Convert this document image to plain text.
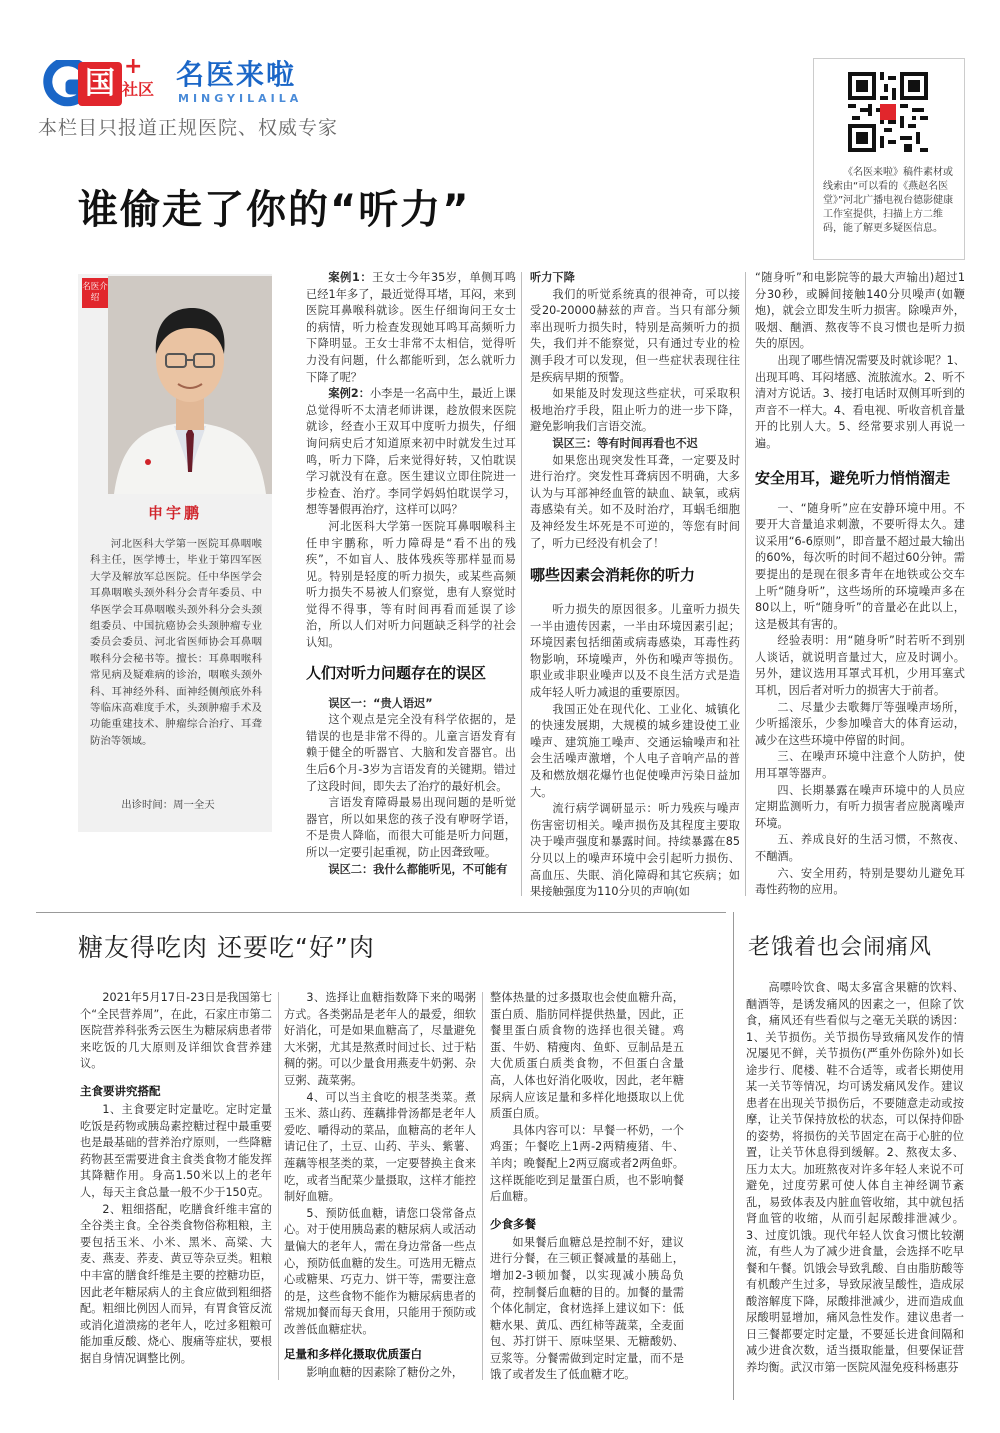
国 +
社区 名医来啦
MINGYILAILA
本栏目只报道正规医院、权威专家
《名医来啦》稿件素材或线索由“可以看的《燕赵名医堂》”河北广播电视台德影健康工作室提供，扫描上方二维码，能了解更多疑医信息。
谁偷走了你的“听力”
名医介绍
申宇鹏
河北医科大学第一医院耳鼻咽喉科主任，医学博士，毕业于第四军医大学及解放军总医院。任中华医学会耳鼻咽喉头颈外科分会青年委员、中华医学会耳鼻咽喉头颈外科分会头颈组委员、中国抗癌协会头颈肿瘤专业委员会委员、河北省医师协会耳鼻咽喉科分会秘书等。擅长：耳鼻咽喉科常见病及疑难病的诊治，咽喉头颈外科、耳神经外科、面神经侧颅底外科等临床高难度手术，头颈肿瘤手术及功能重建技术、肿瘤综合治疗、耳聋防治等领域。
出诊时间：周一全天

案例1：王女士今年35岁，单侧耳鸣已经1年多了，最近觉得耳堵，耳闷，来到医院耳鼻喉科就诊。医生仔细询问王女士的病情，听力检查发现她耳鸣耳高频听力下降明显。王女士非常不太相信，觉得听力没有问题，什么都能听到，怎么就听力下降了呢？

案例2：小李是一名高中生，最近上课总觉得听不太清老师讲课，趁放假来医院就诊，经查小王双耳中度听力损失，仔细询问病史后才知道原来初中时就发生过耳鸣，听力下降，后来觉得好转，又怕耽误学习就没有在意。医生建议立即住院进一步检查、治疗。李同学妈妈怕耽误学习，想等暑假再治疗，这样可以吗？

河北医科大学第一医院耳鼻咽喉科主任申宇鹏称，听力障碍是“看不出的残疾”，不如盲人、肢体残疾等那样显而易见。特别是轻度的听力损失，或某些高频听力损失不易被人们察觉，患有人察觉时觉得不得事，等有时间再看而延误了诊治，所以人们对听力问题缺乏科学的社会认知。

人们对听力问题存在的误区

误区一：“贵人语迟”

这个观点是完全没有科学依据的，是错误的也是非常不得的。儿童言语发育有赖于健全的听器官、大脑和发音器官。出生后6个月-3岁为言语发育的关键期。错过了这段时间，即失去了治疗的最好机会。

言语发育障碍最易出现问题的是听觉器官，所以如果您的孩子没有咿呀学语，不是贵人降临，而很大可能是听力问题，所以一定要引起重视，防止因聋致哑。

误区二：我什么都能听见，不可能有

听力下降

我们的听觉系统真的很神奇，可以接受20-20000赫兹的声音。当只有部分频率出现听力损失时，特别是高频听力的损失，我们并不能察觉，只有通过专业的检测手段才可以发现，但一些症状表现往往是疾病早期的预警。

如果能及时发现这些症状，可采取积极地治疗手段，阻止听力的进一步下降，避免影响我们言语交流。

误区三：等有时间再看也不迟

如果您出现突发性耳聋，一定要及时进行治疗。突发性耳聋病因不明确，大多认为与耳部神经血管的缺血、缺氧，或病毒感染有关。如不及时治疗，耳蜗毛细胞及神经发生坏死是不可逆的，等您有时间了，听力已经没有机会了！

哪些因素会消耗你的听力

听力损失的原因很多。儿童听力损失一半由遗传因素，一半由环境因素引起；环境因素包括细菌或病毒感染，耳毒性药物影响，环境噪声，外伤和噪声等损伤。职业或非职业噪声以及不良生活方式是造成年轻人听力减退的重要原因。

我国正处在现代化、工业化、城镇化的快速发展期，大规模的城乡建设使工业噪声、建筑施工噪声、交通运输噪声和社会生活噪声激增，个人电子音响产品的普及和燃放烟花爆竹也促使噪声污染日益加大。

流行病学调研显示：听力残疾与噪声伤害密切相关。噪声损伤及其程度主要取决于噪声强度和暴露时间。持续暴露在85分贝以上的噪声环境中会引起听力损伤、高血压、失眠、消化障碍和其它疾病；如果接触强度为110分贝的声响(如

“随身听”和电影院等的最大声输出)超过1分30秒，或瞬间接触140分贝噪声(如鞭炮)，就会立即发生听力损害。除噪声外，吸烟、酗酒、熬夜等不良习惯也是听力损失的原因。

出现了哪些情况需要及时就诊呢？1、出现耳鸣、耳闷堵感、流脓流水。2、听不清对方说话。3、接打电话时双侧耳听到的声音不一样大。4、看电视、听收音机音量开的比别人大。5、经常要求别人再说一遍。

安全用耳，避免听力悄悄溜走

一、“随身听”应在安静环境中用。不要开大音量追求刺激，不要听得太久。建议采用“6-6原则”，即音量不超过最大输出的60%，每次听的时间不超过60分钟。需要提出的是现在很多青年在地铁或公交车上听“随身听”，这些场所的环境噪声多在80以上，听“随身听”的音量必在此以上，这是极其有害的。

经验表明：用“随身听”时若听不到别人谈话，就说明音量过大，应及时调小。另外，建议选用耳罩式耳机，少用耳塞式耳机，因后者对听力的损害大于前者。

二、尽量少去歌舞厅等强噪声场所，少听摇滚乐，少参加噪音大的体育运动，减少在这些环境中停留的时间。

三、在噪声环境中注意个人防护，使用耳罩等器声。

四、长期暴露在噪声环境中的人员应定期监测听力，有听力损害者应脱离噪声环境。

五、养成良好的生活习惯，不熬夜、不酗酒。

六、安全用药，特别是婴幼儿避免耳毒性药物的应用。

糖友得吃肉 还要吃“好”肉

2021年5月17日-23日是我国第七个“全民营养周”，在此，石家庄市第二医院营养科张秀云医生为糖尿病患者带来吃饭的几大原则及详细饮食营养建议。

主食要讲究搭配

1、主食要定时定量吃。定时定量吃饭是药物或胰岛素控糖过程中最重要也是最基础的营养治疗原则，一些降糖药物甚至需要进食主食类食物才能发挥其降糖作用。身高1.50米以上的老年人，每天主食总量一般不少于150克。

2、粗细搭配，吃膳食纤维丰富的全谷类主食。全谷类食物俗称粗粮，主要包括玉米、小米、黑米、高粱、大麦、燕麦、荞麦、黄豆等杂豆类。粗粮中丰富的膳食纤维是主要的控糖功臣，因此老年糖尿病人的主食应做到粗细搭配。粗细比例因人而异，有胃食管反流或消化道溃疡的老年人，吃过多粗粮可能加重反酸、烧心、腹痛等症状，要根据自身情况调整比例。

3、选择让血糖指数降下来的喝粥方式。各类粥品是老年人的最爱，细软好消化，可是如果血糖高了，尽量避免大米粥，尤其是熬煮时间过长、过于粘稠的粥。可以少量食用燕麦牛奶粥、杂豆粥、蔬菜粥。

4、可以当主食吃的根茎类菜。煮玉米、蒸山药、莲藕排骨汤都是老年人爱吃、嚼得动的菜品，血糖高的老年人请记住了，土豆、山药、芋头、紫薯、莲藕等根茎类的菜，一定要替换主食来吃，或者当配菜少量摄取，这样才能控制好血糖。

5、预防低血糖，请您口袋常备点心。对于使用胰岛素的糖尿病人或活动量偏大的老年人，需在身边常备一些点心，预防低血糖的发生。可选用无糖点心或糖果、巧克力、饼干等，需要注意的是，这些食物不能作为糖尿病患者的常规加餐而每天食用，只能用于预防或改善低血糖症状。

足量和多样化摄取优质蛋白

影响血糖的因素除了糖份之外，

整体热量的过多摄取也会使血糖升高，蛋白质、脂肪同样提供热量，因此，正餐里蛋白质食物的选择也很关键。鸡蛋、牛奶、精瘦肉、鱼虾、豆制品是五大优质蛋白质类食物，不但蛋白含量高，人体也好消化吸收，因此，老年糖尿病人应该足量和多样化地摄取以上优质蛋白质。

具体内容可以：早餐一杯奶，一个鸡蛋；午餐吃上1两-2两精瘦猪、牛、羊肉；晚餐配上2两豆腐或者2两鱼虾。这样既能吃到足量蛋白质，也不影响餐后血糖。

少食多餐

如果餐后血糖总是控制不好，建议进行分餐，在三顿正餐减量的基础上，增加2-3顿加餐，以实现减小胰岛负荷，控制餐后血糖的目的。加餐的量需个体化制定，食材选择上建议如下：低糖水果、黄瓜、西红柿等蔬菜，全麦面包、苏打饼干、原味坚果、无糖酸奶、豆浆等。分餐需做到定时定量，而不是饿了或者发生了低血糖才吃。

老饿着也会闹痛风

高嘌呤饮食、喝太多富含果糖的饮料、酗酒等，是诱发痛风的因素之一，但除了饮食，痛风还有些看似与之毫无关联的诱因：1、关节损伤。关节损伤导致痛风发作的情况屡见不鲜，关节损伤(严重外伤除外)如长途步行、爬楼、鞋不合适等，或者长期使用某一关节等情况，均可诱发痛风发作。建议患者在出现关节损伤后，不要随意走动或按摩，让关节保持放松的状态，可以保持仰卧的姿势，将损伤的关节固定在高于心脏的位置，让关节休息得到缓解。2、熬夜太多、压力太大。加班熬夜对许多年轻人来说不可避免，过度劳累可使人体自主神经调节紊乱，易致体表及内脏血管收缩，其中就包括肾血管的收缩，从而引起尿酸排泄减少。3、过度饥饿。现代年轻人饮食习惯比较潮流，有些人为了减少进食量，会选择不吃早餐和午餐。饥饿会导致乳酸、自由脂肪酸等有机酸产生过多，导致尿液呈酸性，造成尿酸溶解度下降，尿酸排泄减少，进而造成血尿酸明显增加，痛风急性发作。建议患者一日三餐都要定时定量，不要延长进食间隔和减少进食次数，适当摄取能量，但要保证营养均衡。武汉市第一医院风湿免疫科杨惠芬
